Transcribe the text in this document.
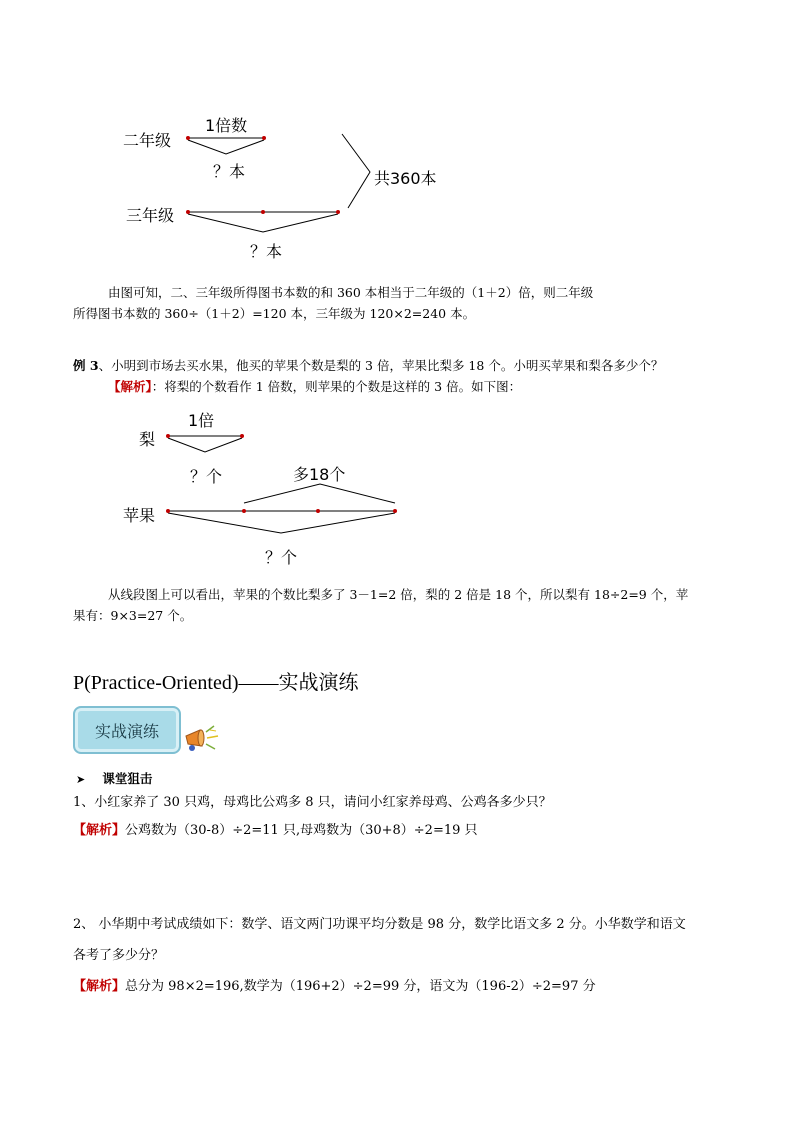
1倍数
二年级
？本	共360本
三年级
？本
由图可知，二、三年级所得图书本数的和 360 本相当于二年级的（1＋2）倍，则二年级
所得图书本数的 360÷（1＋2）=120 本，三年级为 120×2=240 本。
例 3、小明到市场去买水果，他买的苹果个数是梨的 3 倍，苹果比梨多 18 个。小明买苹果和梨各多少个？
【解析】：将梨的个数看作 1 倍数，则苹果的个数是这样的 3 倍。如下图：
1倍
梨
？个	多18个
苹果
？个
从线段图上可以看出，苹果的个数比梨多了 3－1=2 倍，梨的 2 倍是 18 个，所以梨有 18÷2=9 个，苹
果有：9×3=27 个。
P(Practice-Oriented)——实战演练
实战演练
➤ 课堂狙击
1、小红家养了 30 只鸡，母鸡比公鸡多 8 只，请问小红家养母鸡、公鸡各多少只？
【解析】公鸡数为（30-8）÷2=11 只,母鸡数为（30+8）÷2=19 只
2、 小华期中考试成绩如下：数学、语文两门功课平均分数是 98 分，数学比语文多 2 分。小华数学和语文
各考了多少分？
【解析】总分为 98×2=196,数学为（196+2）÷2=99 分，语文为（196-2）÷2=97 分
